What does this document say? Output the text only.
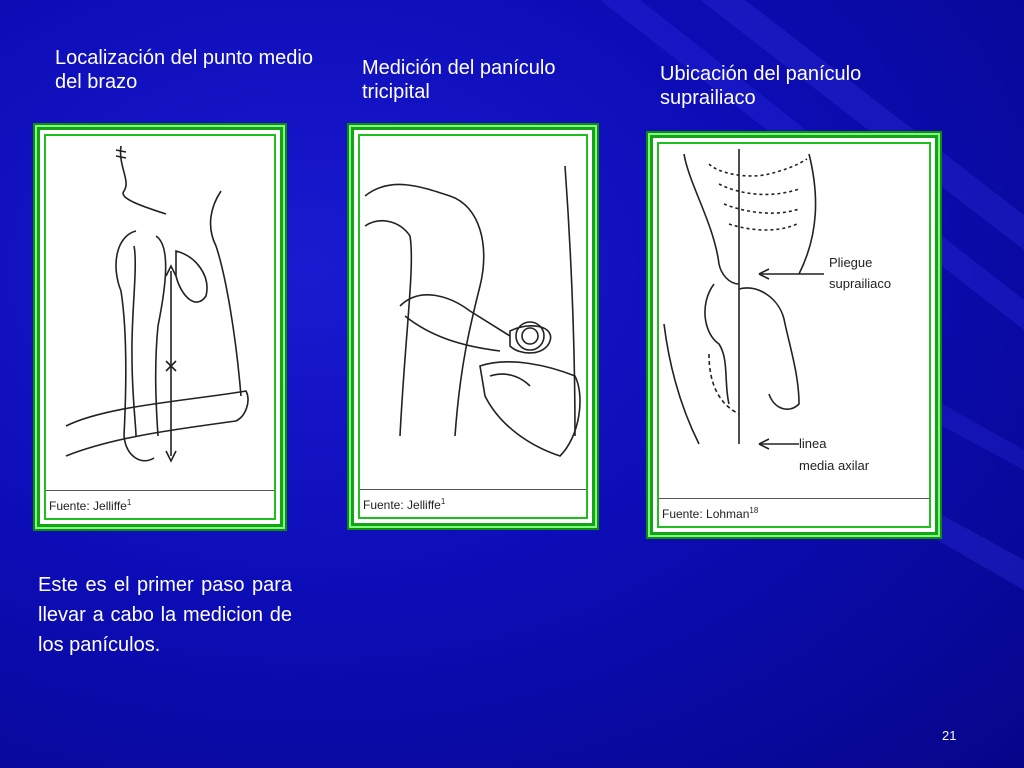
Localización del punto medio del brazo
Medición del panículo tricipital
Ubicación del panículo suprailiaco
Fuente: Jelliffe$^1$	Fuente: Jelliffe$^1$
Pliegue
suprailiaco
linea
media axilar
Fuente: Lohman$^{18}$
Este es el primer paso para llevar a cabo la medicion de los panículos.
21
